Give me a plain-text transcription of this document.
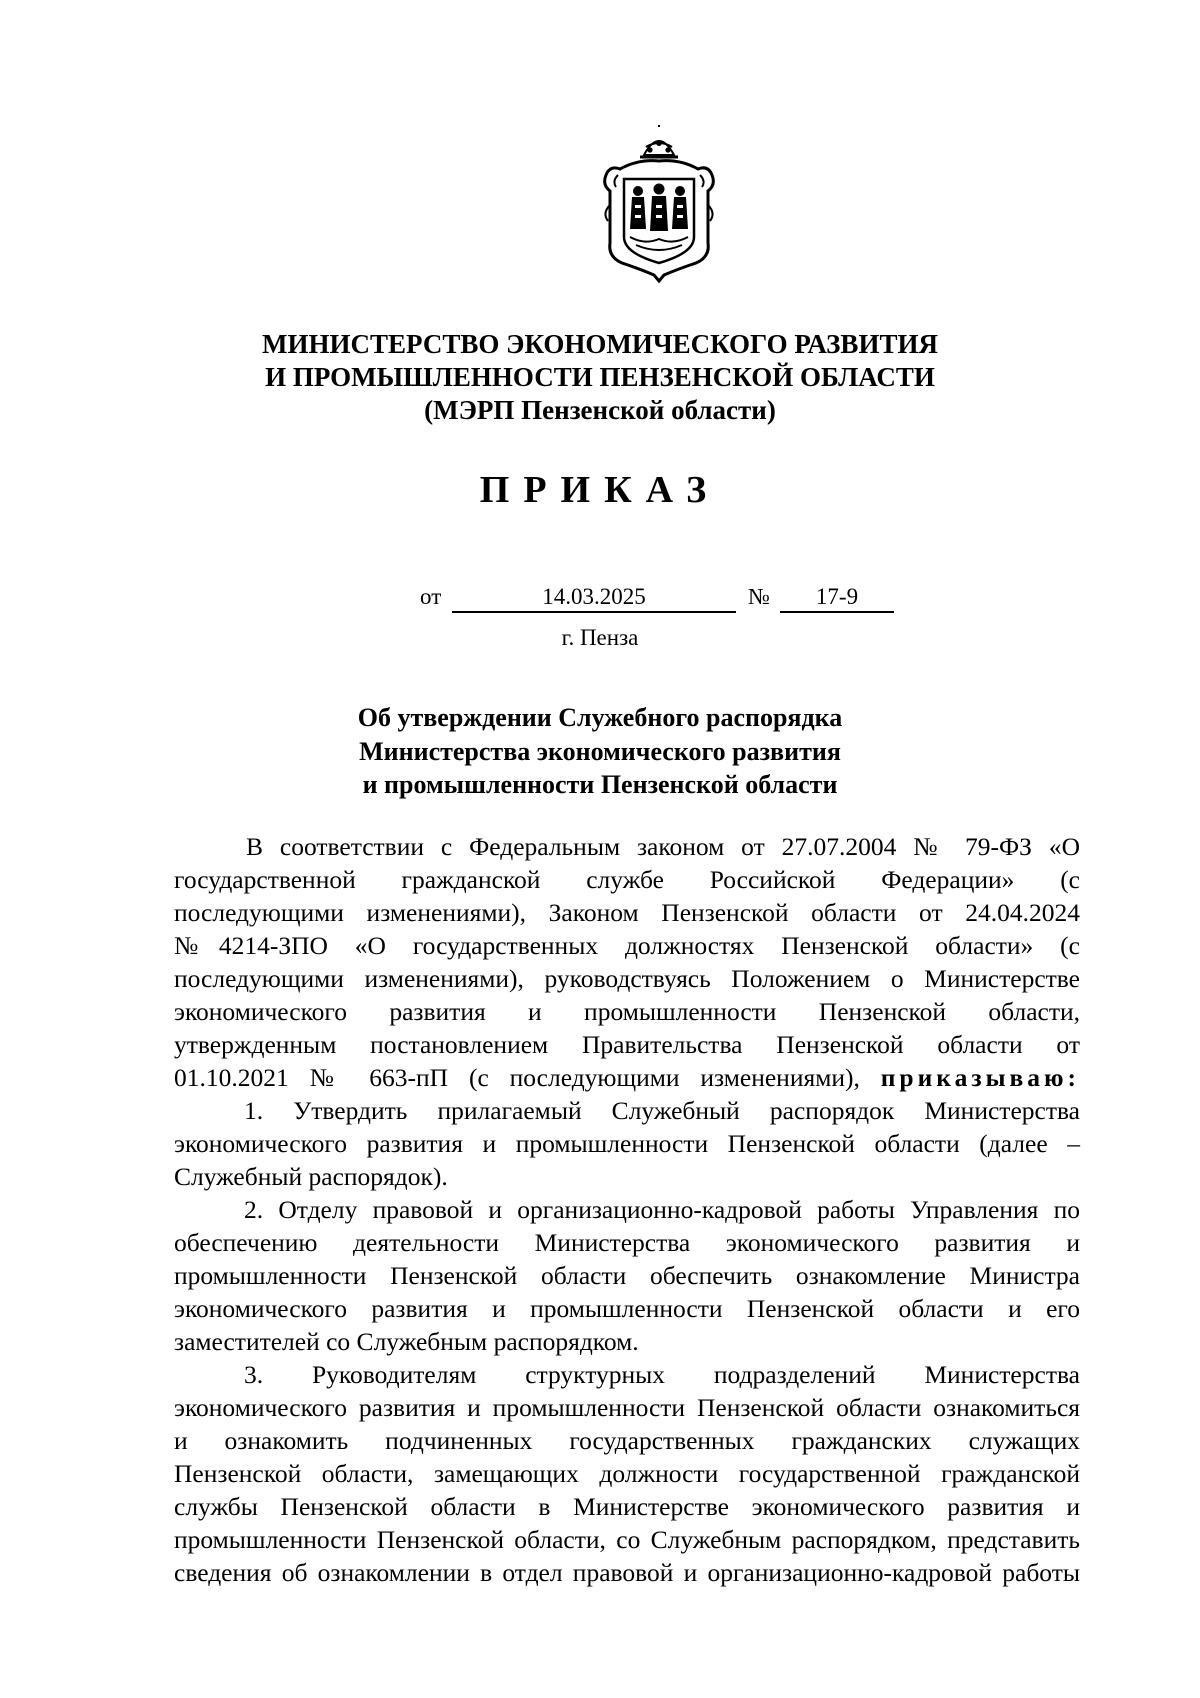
МИНИСТЕРСТВО ЭКОНОМИЧЕСКОГО РАЗВИТИЯ
И ПРОМЫШЛЕННОСТИ ПЕНЗЕНСКОЙ ОБЛАСТИ
(МЭРП Пензенской области)
ПРИКАЗ
от	14.03.2025	№	17-9
г. Пенза
Об утверждении Служебного распорядка
Министерства экономического развития
и промышленности Пензенской области
В соответствии с Федеральным законом от 27.07.2004 № 79-ФЗ «О
государственной гражданской службе Российской Федерации» (с
последующими изменениями), Законом Пензенской области от 24.04.2024
№4214-ЗПО «О государственных должностях Пензенской области» (с
последующими изменениями), руководствуясь Положением о Министерстве
экономического развития и промышленности Пензенской области,
утвержденным постановлением Правительства Пензенской области от
01.10.2021 № 663-пП (с последующими изменениями), приказываю:
1. Утвердить прилагаемый Служебный распорядок Министерства
экономического развития и промышленности Пензенской области (далее –
Служебный распорядок).
2. Отделу правовой и организационно-кадровой работы Управления по
обеспечению деятельности Министерства экономического развития и
промышленности Пензенской области обеспечить ознакомление Министра
экономического развития и промышленности Пензенской области и его
заместителей со Служебным распорядком.
3. Руководителям структурных подразделений Министерства
экономического развития и промышленности Пензенской области ознакомиться
и ознакомить подчиненных государственных гражданских служащих
Пензенской области, замещающих должности государственной гражданской
службы Пензенской области в Министерстве экономического развития и
промышленности Пензенской области, со Служебным распорядком, представить
сведения об ознакомлении в отдел правовой и организационно-кадровой работы
